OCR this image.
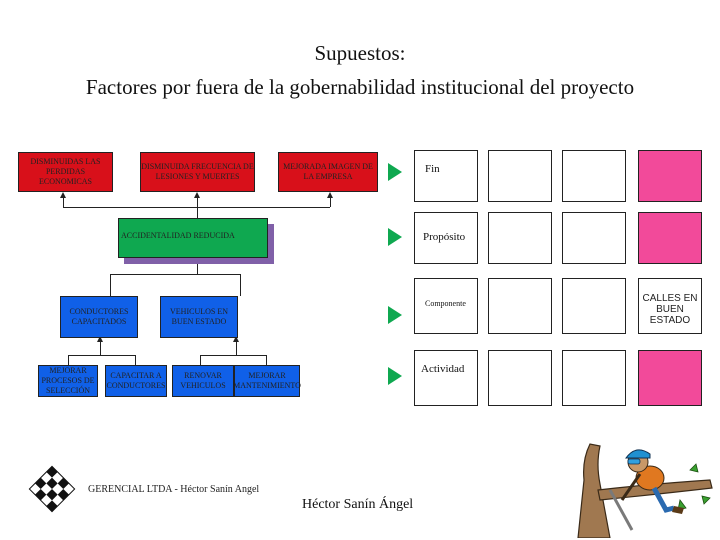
Supuestos:
Factores por fuera de la gobernabilidad institucional del proyecto
DISMINUIDAS LAS PERDIDAS ECONOMICAS
DISMINUIDA FRECUENCIA DE LESIONES Y MUERTES
MEJORADA IMAGEN DE LA EMPRESA
ACCIDENTALIDAD REDUCIDA
CONDUCTORES CAPACITADOS
VEHICULOS EN BUEN ESTADO
MEJORAR PROCESOS DE SELECCIÓN
CAPACITAR A CONDUCTORES
RENOVAR VEHICULOS
MEJORAR MANTENIMIENTO
Fin
Propósito
Componente	CALLES EN BUEN ESTADO
Actividad
GERENCIAL LTDA - Héctor Sanín Angel
Héctor Sanín Ángel
